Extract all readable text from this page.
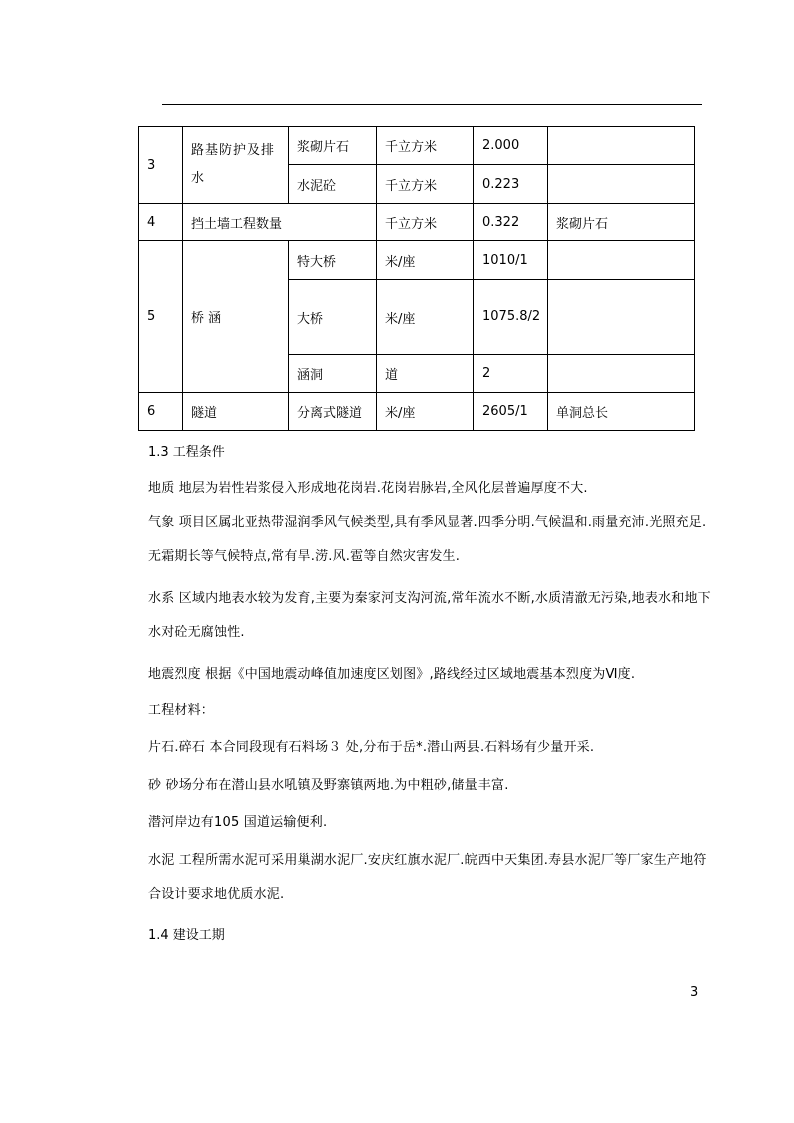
3	路基防护及排水	浆砌片石	千立方米	2.000	
		水泥砼	千立方米	0.223	
4	挡土墙工程数量		千立方米	0.322	浆砌片石
5	桥 涵	特大桥	米/座	1010/1	
		大桥	米/座	1075.8/2	
		涵洞	道	2	
6	隧道	分离式隧道	米/座	2605/1	单洞总长
1.3 工程条件
地质 地层为岩性岩浆侵入形成地花岗岩.花岗岩脉岩,全风化层普遍厚度不大.
气象 项目区属北亚热带湿润季风气候类型,具有季风显著.四季分明.气候温和.雨量充沛.光照充足.无霜期长等气候特点,常有旱.涝.风.雹等自然灾害发生.
水系 区域内地表水较为发育,主要为秦家河支沟河流,常年流水不断,水质清澈无污染,地表水和地下水对砼无腐蚀性.
地震烈度 根据《中国地震动峰值加速度区划图》,路线经过区域地震基本烈度为Ⅵ度.
工程材料：
片石.碎石 本合同段现有石料场３ 处,分布于岳*.潜山两县.石料场有少量开采.
砂 砂场分布在潜山县水吼镇及野寨镇两地.为中粗砂,储量丰富.
潜河岸边有105 国道运输便利.
水泥 工程所需水泥可采用巢湖水泥厂.安庆红旗水泥厂.皖西中天集团.寿县水泥厂等厂家生产地符合设计要求地优质水泥.
1.4 建设工期
3
